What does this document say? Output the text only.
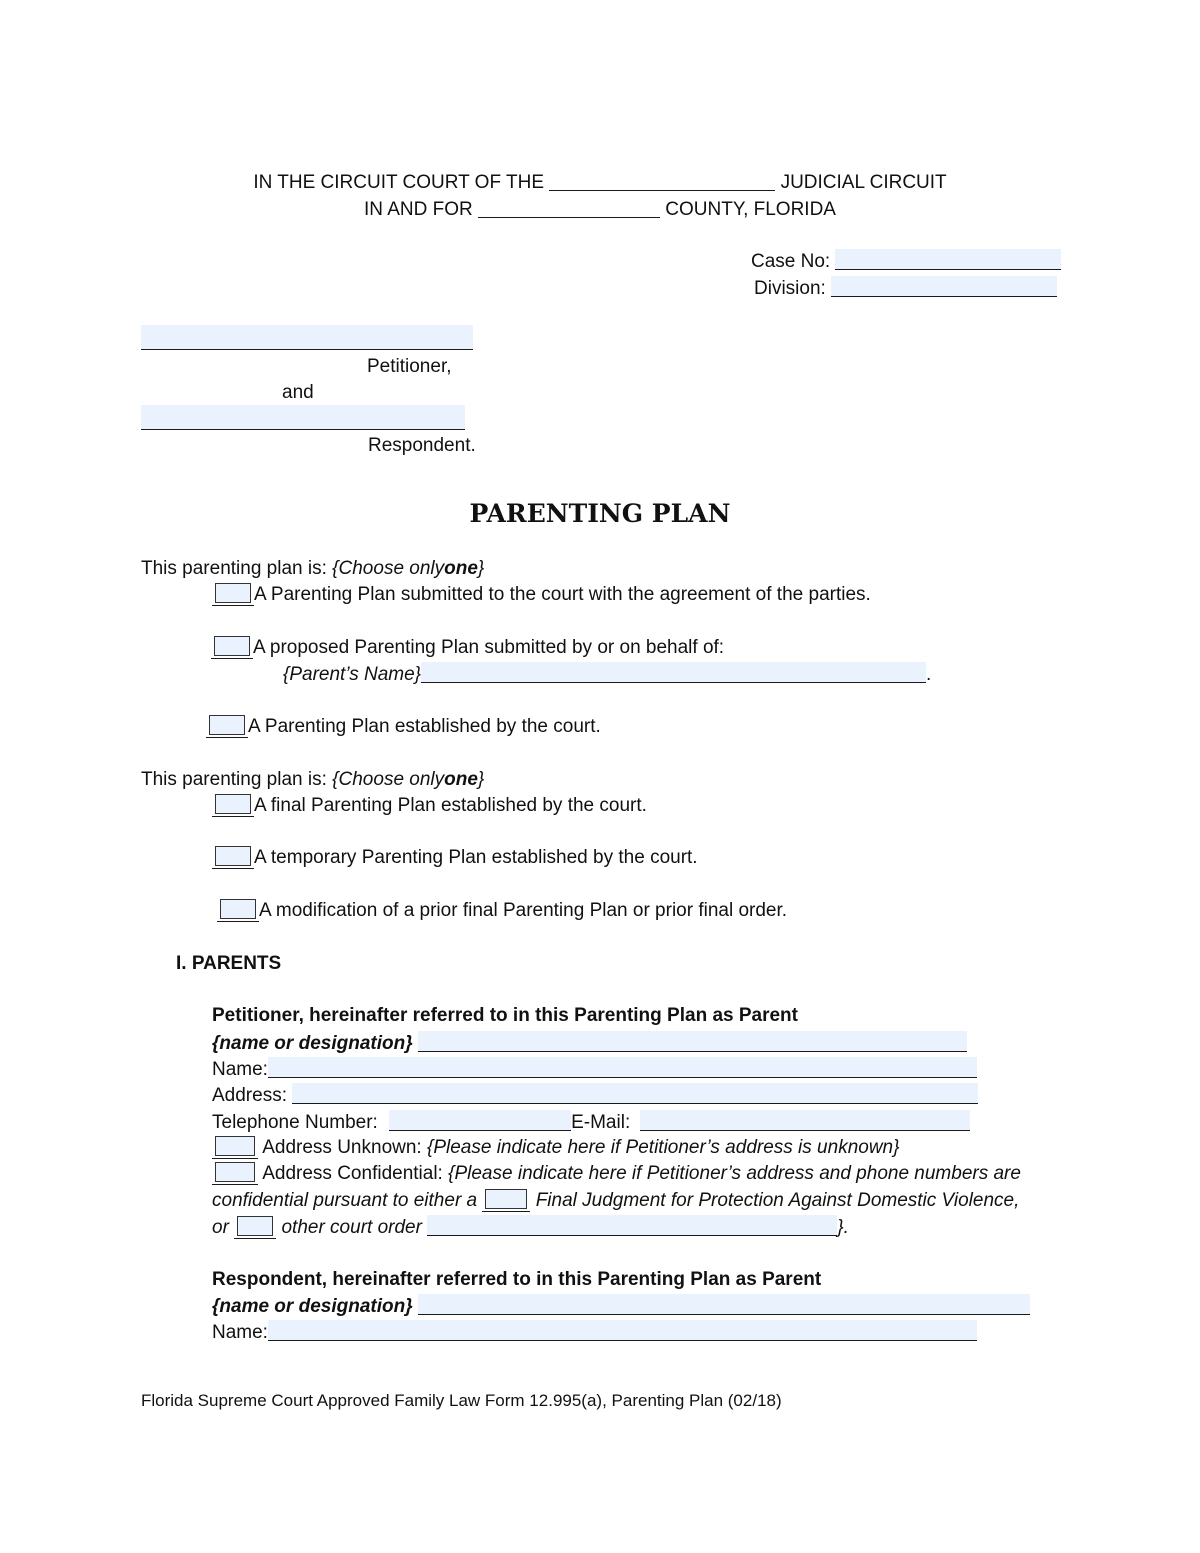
IN THE CIRCUIT COURT OF THE	JUDICIAL CIRCUIT
IN AND FOR	COUNTY, FLORIDA
Case No:
Division:
Petitioner,
and
Respondent.
PARENTING PLAN
This parenting plan is: {Choose onlyone}
A Parenting Plan submitted to the court with the agreement of the parties.
A proposed Parenting Plan submitted by or on behalf of:
{Parent’s Name}	.
A Parenting Plan established by the court.
This parenting plan is: {Choose onlyone}
A final Parenting Plan established by the court.
A temporary Parenting Plan established by the court.
A modification of a prior final Parenting Plan or prior final order.
I. PARENTS
Petitioner, hereinafter referred to in this Parenting Plan as Parent
{name or designation}
Name:
Address:
Telephone Number:	E-Mail:
Address Unknown: {Please indicate here if Petitioner’s address is unknown}
Address Confidential: {Please indicate here if Petitioner’s address and phone numbers are
confidential pursuant to either a	Final Judgment for Protection Against Domestic Violence,
or	other court order	}.
Respondent, hereinafter referred to in this Parenting Plan as Parent
{name or designation}
Name:
Florida Supreme Court Approved Family Law Form 12.995(a), Parenting Plan (02/18)
